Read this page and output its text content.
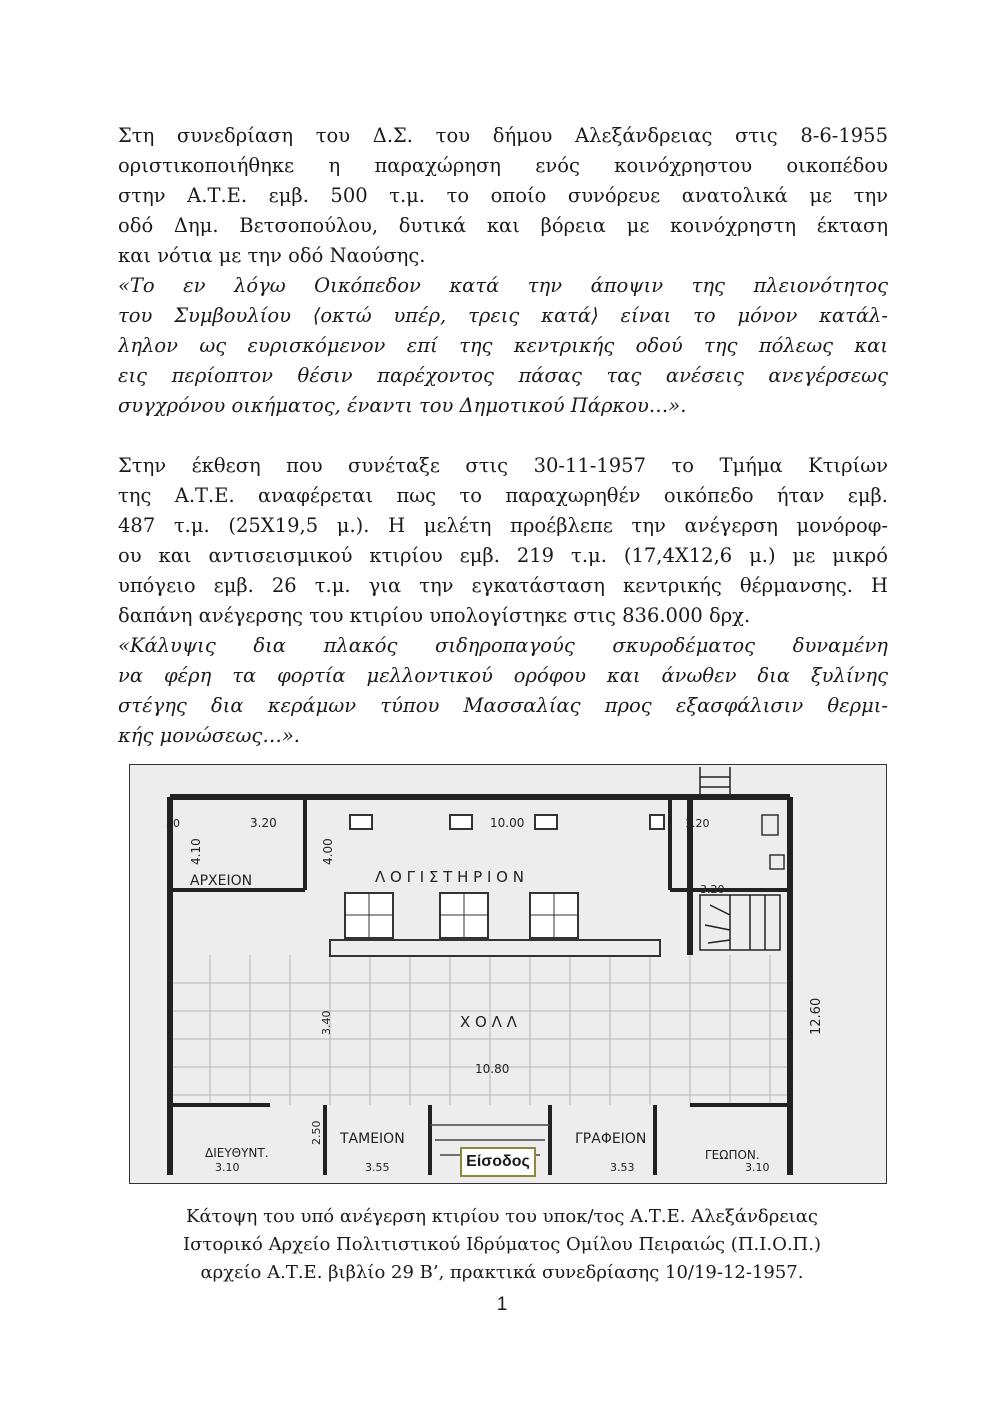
Στη συνεδρίαση του Δ.Σ. του δήμου Αλεξάνδρειας στις 8-6-1955
οριστικοποιήθηκε η παραχώρηση ενός κοινόχρηστου οικοπέδου
στην Α.Τ.Ε. εμβ. 500 τ.μ. το οποίο συνόρευε ανατολικά με την
οδό Δημ. Βετσοπούλου, δυτικά και βόρεια με κοινόχρηστη έκταση
και νότια με την οδό Ναούσης.
«Το εν λόγω Οικόπεδον κατά την άποψιν της πλειονότητος
του Συμβουλίου ⟨οκτώ υπέρ, τρεις κατά⟩ είναι το μόνον κατάλ-
ληλον ως ευρισκόμενον επί της κεντρικής οδού της πόλεως και
εις περίοπτον θέσιν παρέχοντος πάσας τας ανέσεις ανεγέρσεως
συγχρόνου οικήματος, έναντι του Δημοτικού Πάρκου…».
Στην έκθεση που συνέταξε στις 30-11-1957 το Τμήμα Κτιρίων
της Α.Τ.Ε. αναφέρεται πως το παραχωρηθέν οικόπεδο ήταν εμβ.
487 τ.μ. (25Χ19,5 μ.). Η μελέτη προέβλεπε την ανέγερση μονόροφ-
ου και αντισεισμικού κτιρίου εμβ. 219 τ.μ. (17,4Χ12,6 μ.) με μικρό
υπόγειο εμβ. 26 τ.μ. για την εγκατάσταση κεντρικής θέρμανσης. Η
δαπάνη ανέγερσης του κτιρίου υπολογίστηκε στις 836.000 δρχ.
«Κάλυψις δια πλακός σιδηροπαγούς σκυροδέματος δυναμένη
να φέρη τα φορτία μελλοντικού ορόφου και άνωθεν δια ξυλίνης
στέγης δια κεράμων τύπου Μασσαλίας προς εξασφάλισιν θερμι-
κής μονώσεως…».
ΑΡΧΕΙΟΝ	Λ Ο Γ Ι Σ Τ Η Ρ Ι Ο Ν
Χ Ο Λ Λ
ΤΑΜΕΙΟΝ	ΓΡΑΦΕΙΟΝ
ΔΙΕΥΘΥΝΤ.	ΓΕΩΠΟΝ.
3.20
30	10.00	1.20
4.10	4.00
3.20
3.40
10.80
12.60
2.50
3.10	3.55	3.53	3.10
Είσοδος
Κάτοψη του υπό ανέγερση κτιρίου του υποκ/τος Α.Τ.Ε. Αλεξάνδρειας
Ιστορικό Αρχείο Πολιτιστικού Ιδρύματος Ομίλου Πειραιώς (Π.Ι.Ο.Π.)
αρχείο Α.Τ.Ε. βιβλίο 29 Β’, πρακτικά συνεδρίασης 10/19-12-1957.
1
